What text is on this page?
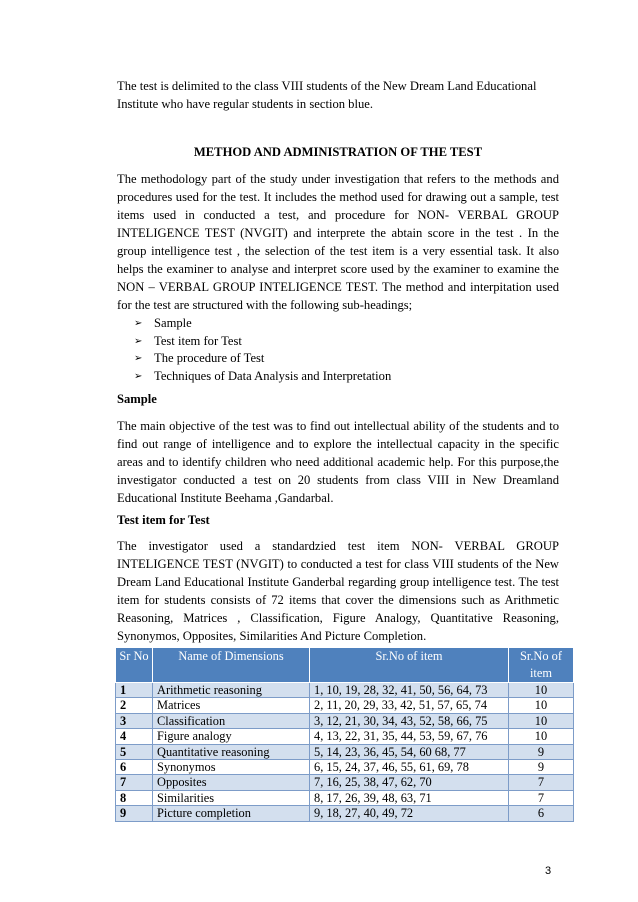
The test is delimited to the class VIII students of the New Dream Land Educational Institute who have regular students in section blue.

METHOD AND ADMINISTRATION OF THE TEST

The methodology part of the study under investigation that refers to the methods and procedures used for the test. It includes the method used for drawing out a sample, test items used in conducted a test, and procedure for NON- VERBAL GROUP INTELIGENCE TEST (NVGIT) and interprete the abtain score in the test . In the group intelligence test , the selection of the test item is a very essential task. It also helps the examiner to analyse and interpret score used by the examiner to examine the NON – VERBAL GROUP INTELIGENCE TEST. The method and interpitation used for the test are structured with the following sub-headings;

➢ Sample
➢ Test item for Test
➢ The procedure of Test
➢ Techniques of Data Analysis and Interpretation
Sample

The main objective of the test was to find out intellectual ability of the students and to find out range of intelligence and to explore the intellectual capacity in the specific areas and to identify children who need additional academic help. For this purpose,the investigator conducted a test on 20 students from class VIII in New Dreamland Educational Institute Beehama ,Gandarbal.

Test item for Test

The investigator used a standardzied test item NON- VERBAL GROUP INTELIGENCE TEST (NVGIT) to conducted a test for class VIII students of the New Dream Land Educational Institute Ganderbal regarding group intelligence test. The test item for students consists of 72 items that cover the dimensions such as Arithmetic Reasoning, Matrices , Classification, Figure Analogy, Quantitative Reasoning, Synonymos, Opposites, Similarities And Picture Completion.

Sr No	Name of Dimensions	Sr.No of item	Sr.No of item
1	Arithmetic reasoning	1, 10, 19, 28, 32, 41, 50, 56, 64, 73	10
2	Matrices	2, 11, 20, 29, 33, 42, 51, 57, 65, 74	10
3	Classification	3, 12, 21, 30, 34, 43, 52, 58, 66, 75	10
4	Figure analogy	4, 13, 22, 31, 35, 44, 53, 59, 67, 76	10
5	Quantitative reasoning	5, 14, 23, 36, 45, 54, 60 68, 77	9
6	Synonymos	6, 15, 24, 37, 46, 55, 61, 69, 78	9
7	Opposites	7, 16, 25, 38, 47, 62, 70	7
8	Similarities	8, 17, 26, 39, 48, 63, 71	7
9	Picture completion	9, 18, 27, 40, 49, 72	6
3
